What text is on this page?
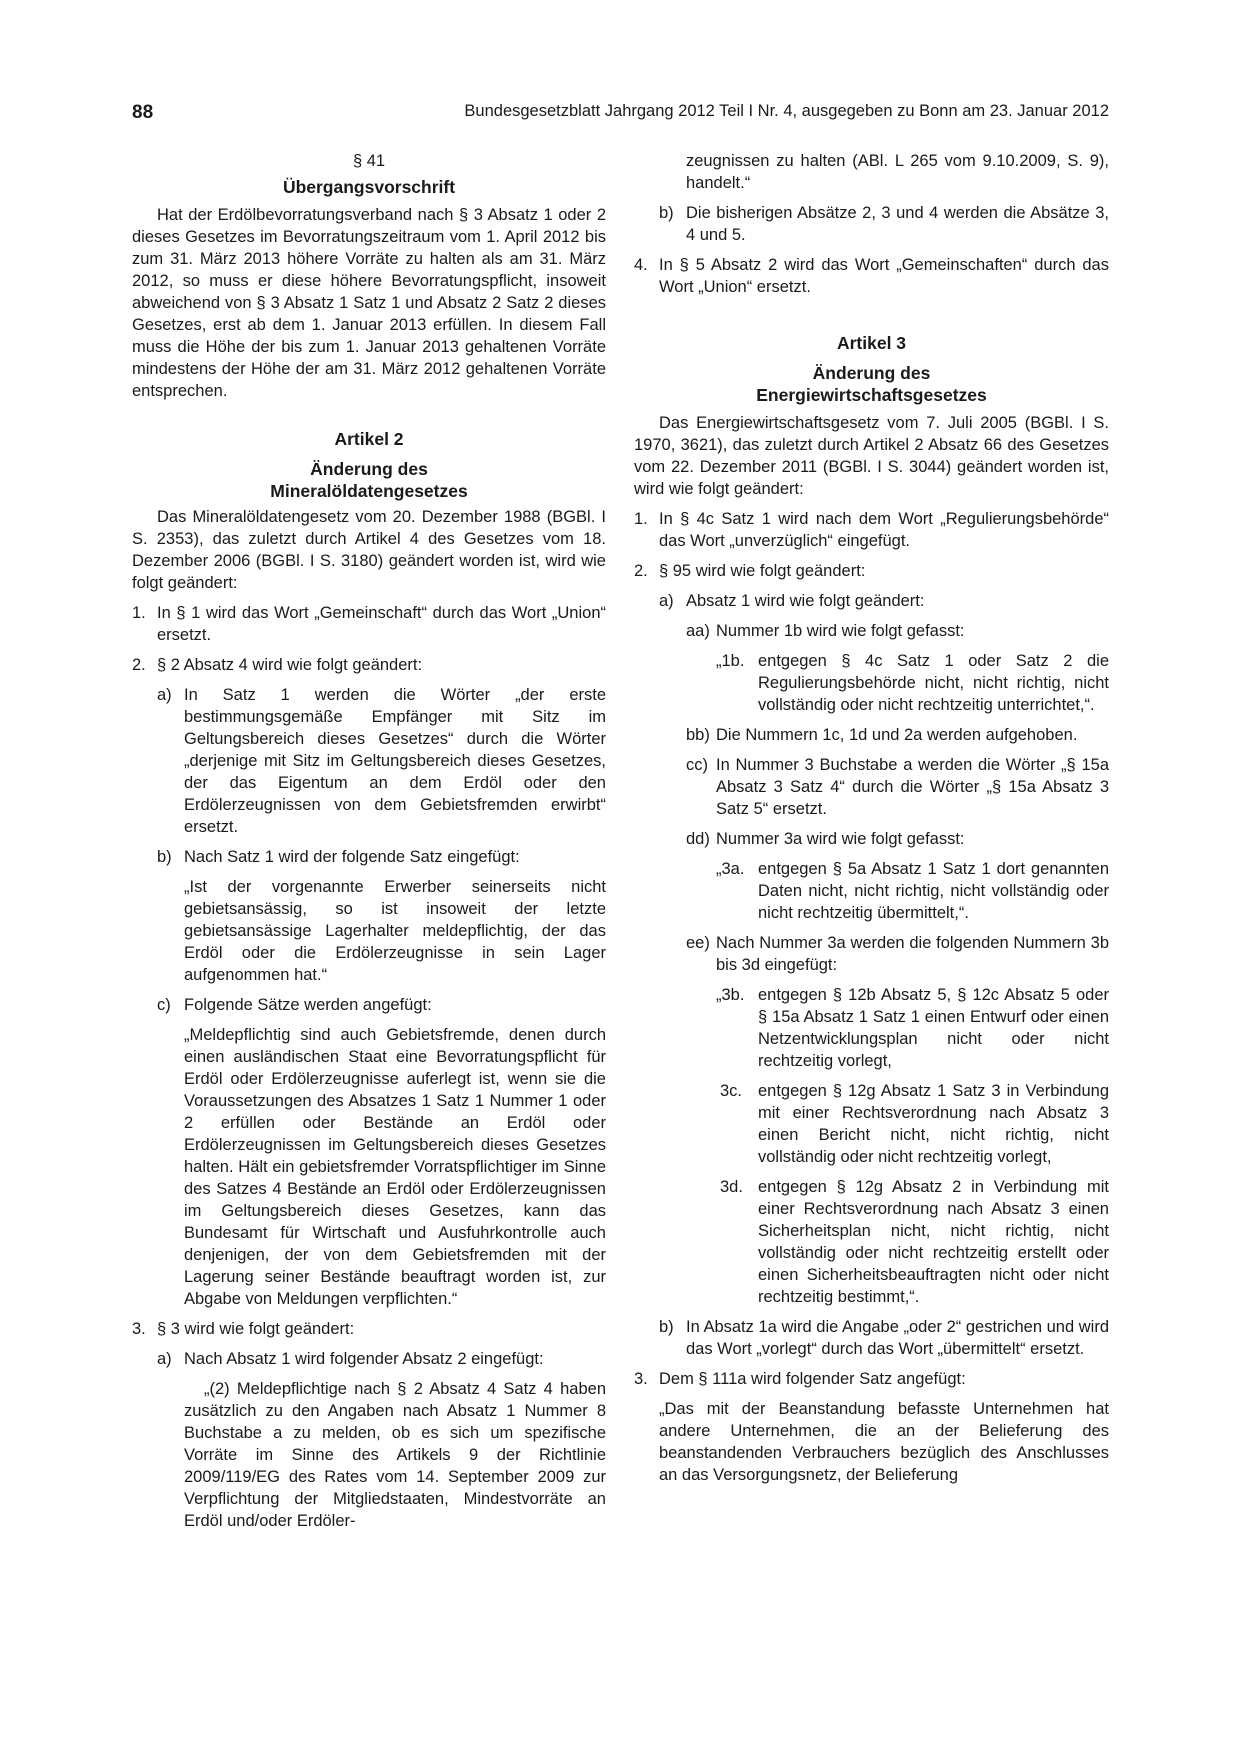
88	Bundesgesetzblatt Jahrgang 2012 Teil I Nr. 4, ausgegeben zu Bonn am 23. Januar 2012

§ 41

Übergangsvorschrift

Hat der Erdölbevorratungsverband nach § 3 Absatz 1 oder 2 dieses Gesetzes im Bevorratungszeitraum vom 1. April 2012 bis zum 31. März 2013 höhere Vorräte zu halten als am 31. März 2012, so muss er diese höhere Bevorratungspflicht, insoweit abweichend von § 3 Absatz 1 Satz 1 und Absatz 2 Satz 2 dieses Gesetzes, erst ab dem 1. Januar 2013 erfüllen. In diesem Fall muss die Höhe der bis zum 1. Januar 2013 gehaltenen Vorräte mindestens der Höhe der am 31. März 2012 gehaltenen Vorräte entsprechen.

Artikel 2

Änderung des

Mineralöldatengesetzes

Das Mineralöldatengesetz vom 20. Dezember 1988 (BGBl. I S. 2353), das zuletzt durch Artikel 4 des Gesetzes vom 18. Dezember 2006 (BGBl. I S. 3180) geändert worden ist, wird wie folgt geändert:

1. In § 1 wird das Wort „Gemeinschaft“ durch das Wort „Union“ ersetzt.
2. § 2 Absatz 4 wird wie folgt geändert:
a) In Satz 1 werden die Wörter „der erste bestimmungsgemäße Empfänger mit Sitz im Geltungsbereich dieses Gesetzes“ durch die Wörter „derjenige mit Sitz im Geltungsbereich dieses Gesetzes, der das Eigentum an dem Erdöl oder den Erdölerzeugnissen von dem Gebietsfremden erwirbt“ ersetzt.
b) Nach Satz 1 wird der folgende Satz eingefügt:

„Ist der vorgenannte Erwerber seinerseits nicht gebietsansässig, so ist insoweit der letzte gebietsansässige Lagerhalter meldepflichtig, der das Erdöl oder die Erdölerzeugnisse in sein Lager aufgenommen hat.“

c) Folgende Sätze werden angefügt:

„Meldepflichtig sind auch Gebietsfremde, denen durch einen ausländischen Staat eine Bevorratungspflicht für Erdöl oder Erdölerzeugnisse auferlegt ist, wenn sie die Voraussetzungen des Absatzes 1 Satz 1 Nummer 1 oder 2 erfüllen oder Bestände an Erdöl oder Erdölerzeugnissen im Geltungsbereich dieses Gesetzes halten. Hält ein gebietsfremder Vorratspflichtiger im Sinne des Satzes 4 Bestände an Erdöl oder Erdölerzeugnissen im Geltungsbereich dieses Gesetzes, kann das Bundesamt für Wirtschaft und Ausfuhrkontrolle auch denjenigen, der von dem Gebietsfremden mit der Lagerung seiner Bestände beauftragt worden ist, zur Abgabe von Meldungen verpflichten.“

3. § 3 wird wie folgt geändert:
a) Nach Absatz 1 wird folgender Absatz 2 eingefügt:

„(2) Meldepflichtige nach § 2 Absatz 4 Satz 4 haben zusätzlich zu den Angaben nach Absatz 1 Nummer 8 Buchstabe a zu melden, ob es sich um spezifische Vorräte im Sinne des Artikels 9 der Richtlinie 2009/119/EG des Rates vom 14. September 2009 zur Verpflichtung der Mitgliedstaaten, Mindestvorräte an Erdöl und/oder Erdöler-

zeugnissen zu halten (ABl. L 265 vom 9.10.2009, S. 9), handelt.“

b) Die bisherigen Absätze 2, 3 und 4 werden die Absätze 3, 4 und 5.
4. In § 5 Absatz 2 wird das Wort „Gemeinschaften“ durch das Wort „Union“ ersetzt.

Artikel 3

Änderung des

Energiewirtschaftsgesetzes

Das Energiewirtschaftsgesetz vom 7. Juli 2005 (BGBl. I S. 1970, 3621), das zuletzt durch Artikel 2 Absatz 66 des Gesetzes vom 22. Dezember 2011 (BGBl. I S. 3044) geändert worden ist, wird wie folgt geändert:

1. In § 4c Satz 1 wird nach dem Wort „Regulierungsbehörde“ das Wort „unverzüglich“ eingefügt.
2. § 95 wird wie folgt geändert:
a) Absatz 1 wird wie folgt geändert:
aa) Nummer 1b wird wie folgt gefasst:
„1b. entgegen § 4c Satz 1 oder Satz 2 die Regulierungsbehörde nicht, nicht richtig, nicht vollständig oder nicht rechtzeitig unterrichtet,“.
bb) Die Nummern 1c, 1d und 2a werden aufgehoben.
cc) In Nummer 3 Buchstabe a werden die Wörter „§ 15a Absatz 3 Satz 4“ durch die Wörter „§ 15a Absatz 3 Satz 5“ ersetzt.
dd) Nummer 3a wird wie folgt gefasst:
„3a. entgegen § 5a Absatz 1 Satz 1 dort genannten Daten nicht, nicht richtig, nicht vollständig oder nicht rechtzeitig übermittelt,“.
ee) Nach Nummer 3a werden die folgenden Nummern 3b bis 3d eingefügt:
„3b. entgegen § 12b Absatz 5, § 12c Absatz 5 oder § 15a Absatz 1 Satz 1 einen Entwurf oder einen Netzentwicklungsplan nicht oder nicht rechtzeitig vorlegt,
3c. entgegen § 12g Absatz 1 Satz 3 in Verbindung mit einer Rechtsverordnung nach Absatz 3 einen Bericht nicht, nicht richtig, nicht vollständig oder nicht rechtzeitig vorlegt,
3d. entgegen § 12g Absatz 2 in Verbindung mit einer Rechtsverordnung nach Absatz 3 einen Sicherheitsplan nicht, nicht richtig, nicht vollständig oder nicht rechtzeitig erstellt oder einen Sicherheitsbeauftragten nicht oder nicht rechtzeitig bestimmt,“.
b) In Absatz 1a wird die Angabe „oder 2“ gestrichen und wird das Wort „vorlegt“ durch das Wort „übermittelt“ ersetzt.
3. Dem § 111a wird folgender Satz angefügt:

„Das mit der Beanstandung befasste Unternehmen hat andere Unternehmen, die an der Belieferung des beanstandenden Verbrauchers bezüglich des Anschlusses an das Versorgungsnetz, der Belieferung
